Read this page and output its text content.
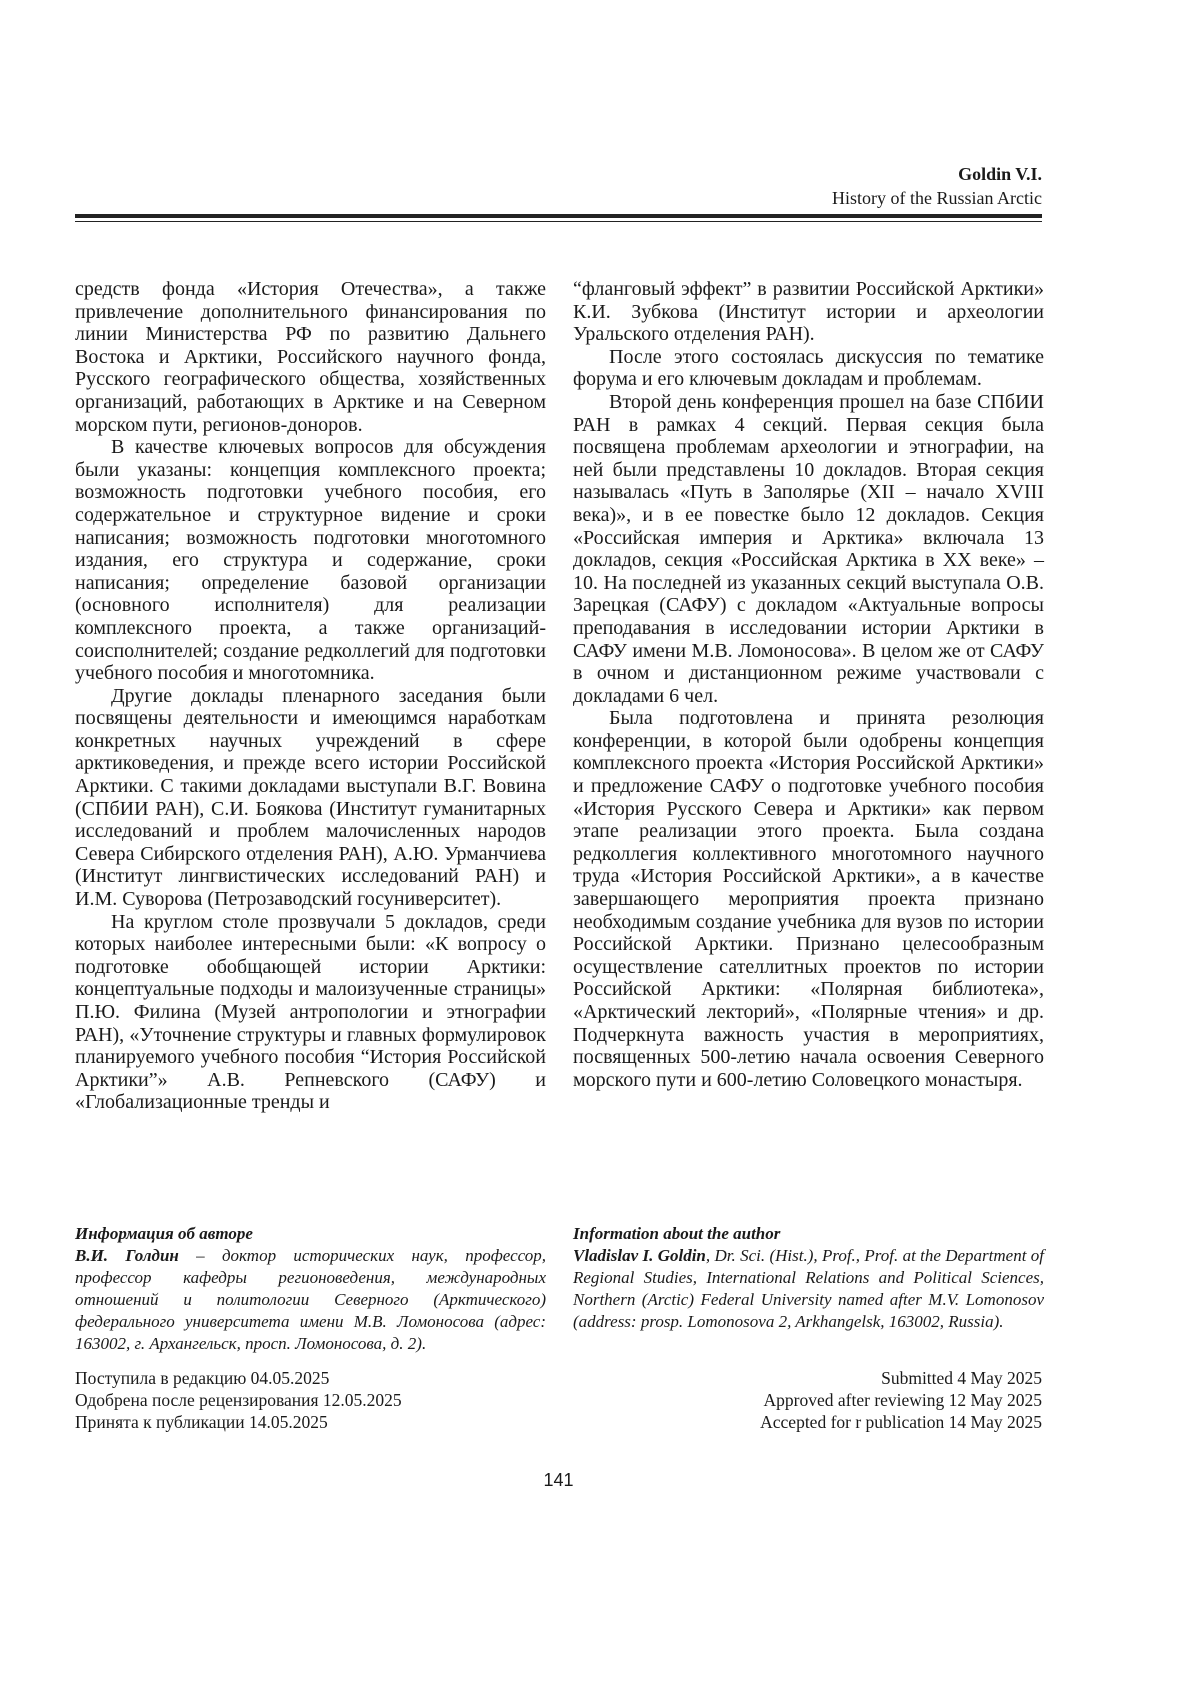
Goldin V.I.
History of the Russian Arctic

средств фонда «История Отечества», а также привлечение дополнительного финансирования по линии Министерства РФ по развитию Дальнего Востока и Арктики, Российского научного фонда, Русского географического общества, хозяйственных организаций, работающих в Арктике и на Северном морском пути, регионов-доноров.

В качестве ключевых вопросов для обсуждения были указаны: концепция комплексного проекта; возможность подготовки учебного пособия, его содержательное и структурное видение и сроки написания; возможность подготовки многотомного издания, его структура и содержание, сроки написания; определение базовой организации (основного исполнителя) для реализации комплексного проекта, а также организаций-соисполнителей; создание редколлегий для подготовки учебного пособия и многотомника.

Другие доклады пленарного заседания были посвящены деятельности и имеющимся наработкам конкретных научных учреждений в сфере арктиковедения, и прежде всего истории Российской Арктики. С такими докладами выступали В.Г. Вовина (СПбИИ РАН), С.И. Боякова (Институт гуманитарных исследований и проблем малочисленных народов Севера Сибирского отделения РАН), А.Ю. Урманчиева (Институт лингвистических исследований РАН) и И.М. Суворова (Петрозаводский госуниверситет).

На круглом столе прозвучали 5 докладов, среди которых наиболее интересными были: «К вопросу о подготовке обобщающей истории Арктики: концептуальные подходы и малоизученные страницы» П.Ю. Филина (Музей антропологии и этнографии РАН), «Уточнение структуры и главных формулировок планируемого учебного пособия “История Российской Арктики”» А.В. Репневского (САФУ) и «Глобализационные тренды и

“фланговый эффект” в развитии Российской Арктики» К.И. Зубкова (Институт истории и археологии Уральского отделения РАН).

После этого состоялась дискуссия по тематике форума и его ключевым докладам и проблемам.

Второй день конференция прошел на базе СПбИИ РАН в рамках 4 секций. Первая секция была посвящена проблемам археологии и этнографии, на ней были представлены 10 докладов. Вторая секция называлась «Путь в Заполярье (XII – начало XVIII века)», и в ее повестке было 12 докладов. Секция «Российская империя и Арктика» включала 13 докладов, секция «Российская Арктика в XX веке» – 10. На последней из указанных секций выступала О.В. Зарецкая (САФУ) с докладом «Актуальные вопросы преподавания в исследовании истории Арктики в САФУ имени М.В. Ломоносова». В целом же от САФУ в очном и дистанционном режиме участвовали с докладами 6 чел.

Была подготовлена и принята резолюция конференции, в которой были одобрены концепция комплексного проекта «История Российской Арктики» и предложение САФУ о подготовке учебного пособия «История Русского Севера и Арктики» как первом этапе реализации этого проекта. Была создана редколлегия коллективного многотомного научного труда «История Российской Арктики», а в качестве завершающего мероприятия проекта признано необходимым создание учебника для вузов по истории Российской Арктики. Признано целесообразным осуществление сателлитных проектов по истории Российской Арктики: «Полярная библиотека», «Арктический лекторий», «Полярные чтения» и др. Подчеркнута важность участия в мероприятиях, посвященных 500-летию начала освоения Северного морского пути и 600-летию Соловецкого монастыря.

Информация об авторе
В.И. Голдин – доктор исторических наук, профессор, профессор кафедры регионоведения, международных отношений и политологии Северного (Арктического) федерального университета имени М.В. Ломоносова (адрес: 163002, г. Архангельск, просп. Ломоносова, д. 2).
Information about the author
Vladislav I. Goldin, Dr. Sci. (Hist.), Prof., Prof. at the Department of Regional Studies, International Relations and Political Sciences, Northern (Arctic) Federal University named after M.V. Lomonosov (address: prosp. Lomonosova 2, Arkhangelsk, 163002, Russia).
Поступила в редакцию 04.05.2025
Одобрена после рецензирования 12.05.2025
Принята к публикации 14.05.2025
Submitted 4 May 2025
Approved after reviewing 12 May 2025
Accepted for r publication 14 May 2025
141
